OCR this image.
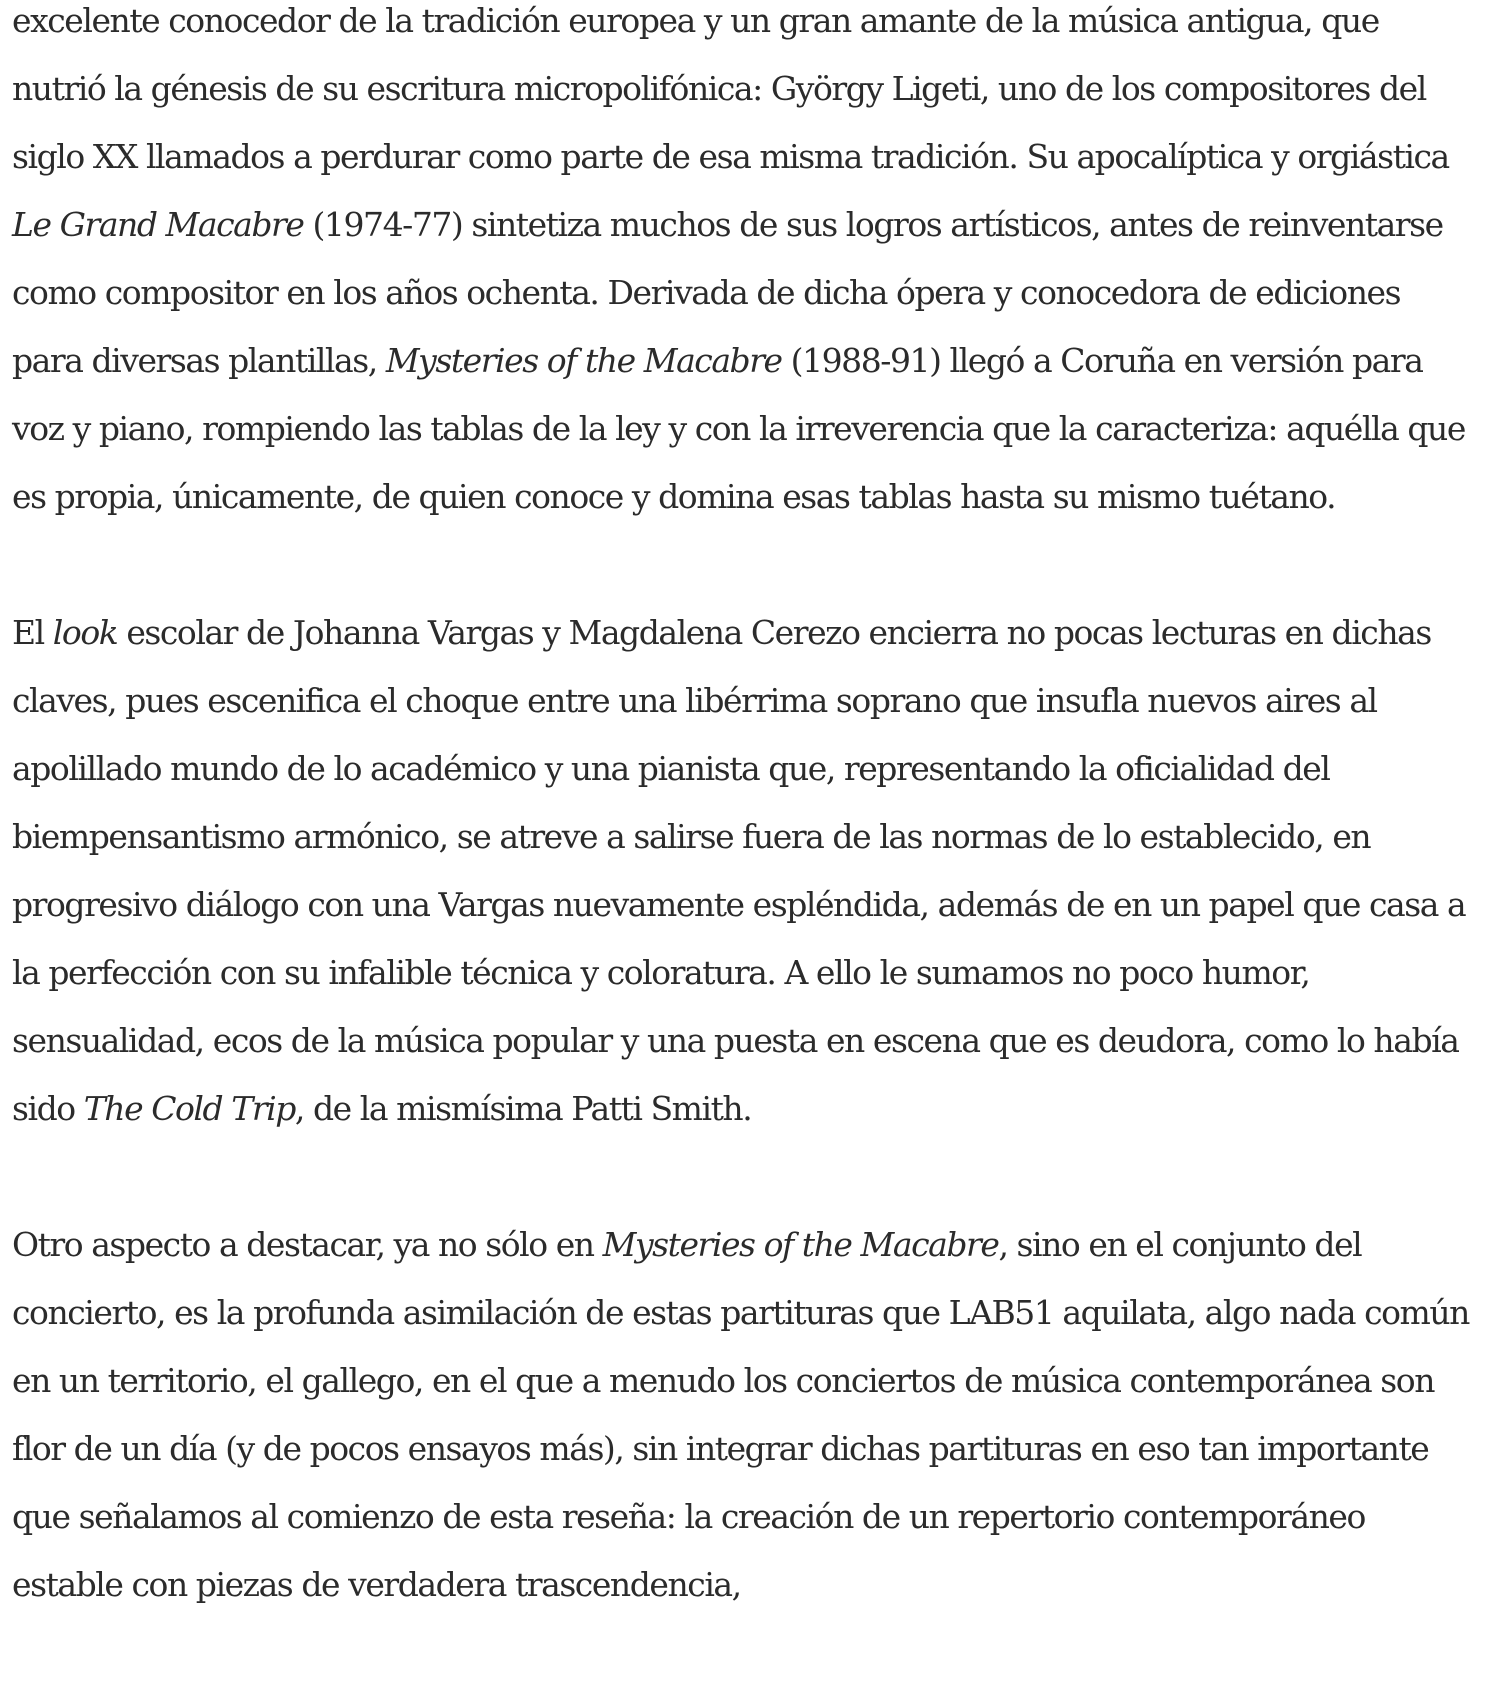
excelente conocedor de la tradición europea y un gran amante de la música antigua, que nutrió la génesis de su escritura micropolifónica: György Ligeti, uno de los compositores del siglo XX llamados a perdurar como parte de esa misma tradición. Su apocalíptica y orgiástica Le Grand Macabre (1974-77) sintetiza muchos de sus logros artísticos, antes de reinventarse como compositor en los años ochenta. Derivada de dicha ópera y conocedora de ediciones para diversas plantillas, Mysteries of the Macabre (1988-91) llegó a Coruña en versión para voz y piano, rompiendo las tablas de la ley y con la irreverencia que la caracteriza: aquélla que es propia, únicamente, de quien conoce y domina esas tablas hasta su mismo tuétano.

El look escolar de Johanna Vargas y Magdalena Cerezo encierra no pocas lecturas en dichas claves, pues escenifica el choque entre una libérrima soprano que insufla nuevos aires al apolillado mundo de lo académico y una pianista que, representando la oficialidad del biempensantismo armónico, se atreve a salirse fuera de las normas de lo establecido, en progresivo diálogo con una Vargas nuevamente espléndida, además de en un papel que casa a la perfección con su infalible técnica y coloratura. A ello le sumamos no poco humor, sensualidad, ecos de la música popular y una puesta en escena que es deudora, como lo había sido The Cold Trip, de la mismísima Patti Smith.

Otro aspecto a destacar, ya no sólo en Mysteries of the Macabre, sino en el conjunto del concierto, es la profunda asimilación de estas partituras que LAB51 aquilata, algo nada común en un territorio, el gallego, en el que a menudo los conciertos de música contemporánea son flor de un día (y de pocos ensayos más), sin integrar dichas partituras en eso tan importante que señalamos al comienzo de esta reseña: la creación de un repertorio contemporáneo estable con piezas de verdadera trascendencia,
